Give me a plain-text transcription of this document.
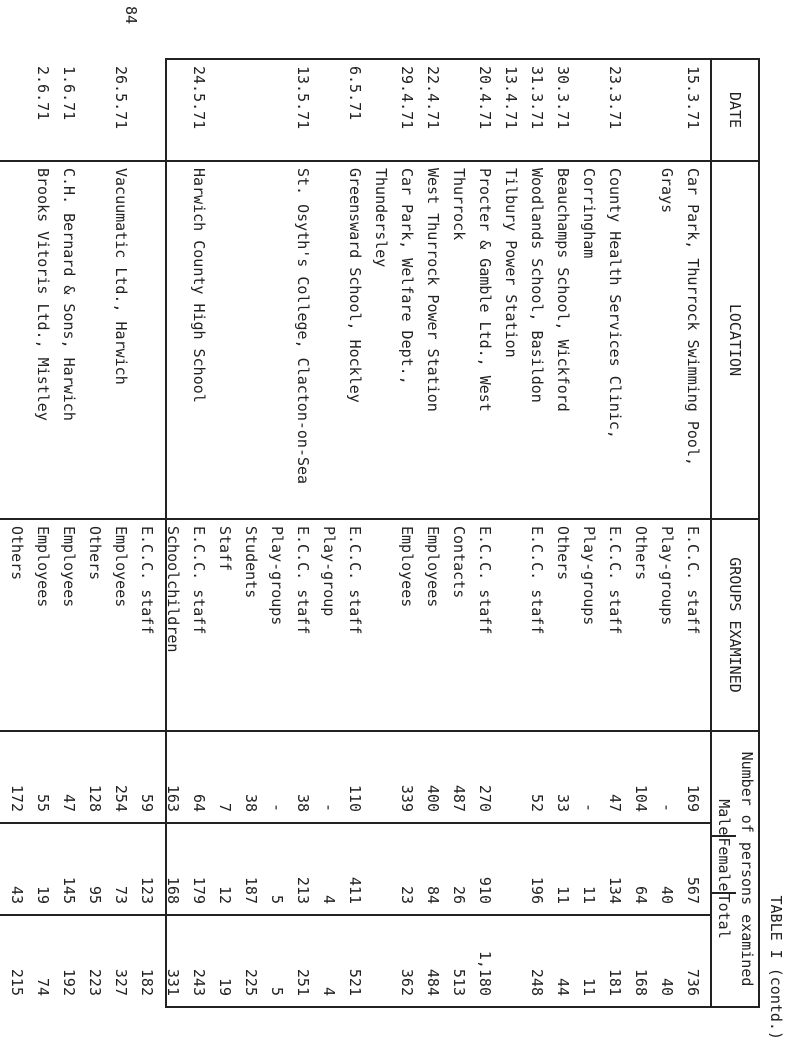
TABLE I (contd.)
DATE
LOCATION
GROUPS EXAMINED
Number of persons examined
Male
Female
Total
15.3.71
23.3.71
30.3.71
31.3.71
13.4.71
20.4.71
22.4.71
29.4.71
6.5.71
13.5.71
24.5.71
26.5.71
1.6.71
2.6.71
Car Park, Thurrock Swimming Pool,
Grays
County Health Services Clinic,
Corringham
Beauchamps School, Wickford
Woodlands School, Basildon
Tilbury Power Station
Procter & Gamble Ltd., West
Thurrock
West Thurrock Power Station
Car Park, Welfare Dept.,
Thundersley
Greensward School, Hockley
St. Osyth's College, Clacton-on-Sea
Harwich County High School
Vacuumatic Ltd., Harwich
C.H. Bernard & Sons, Harwich
Brooks Vitoris Ltd., Mistley
E.C.C. staff
Play-groups
Others
E.C.C. staff
Play-groups
Others
E.C.C. staff
E.C.C. staff
Contacts
Employees
Employees
E.C.C. staff
Play-group
E.C.C. staff
Play-groups
Students
Staff
E.C.C. staff
Schoolchildren
E.C.C. staff
Employees
Others
Employees
Employees
Others
169
-
104
47
-
33
52
270
487
400
339
110
-
38
-
38
7
64
163
59
254
128
47
55
172
567
40
64
134
11
11
196
910
26
84
23
411
4
213
5
187
12
179
168
123
73
95
145
19
43
736
40
168
181
11
44
248
1,180
513
484
362
521
4
251
5
225
19
243
331
182
327
223
192
74
215
84
